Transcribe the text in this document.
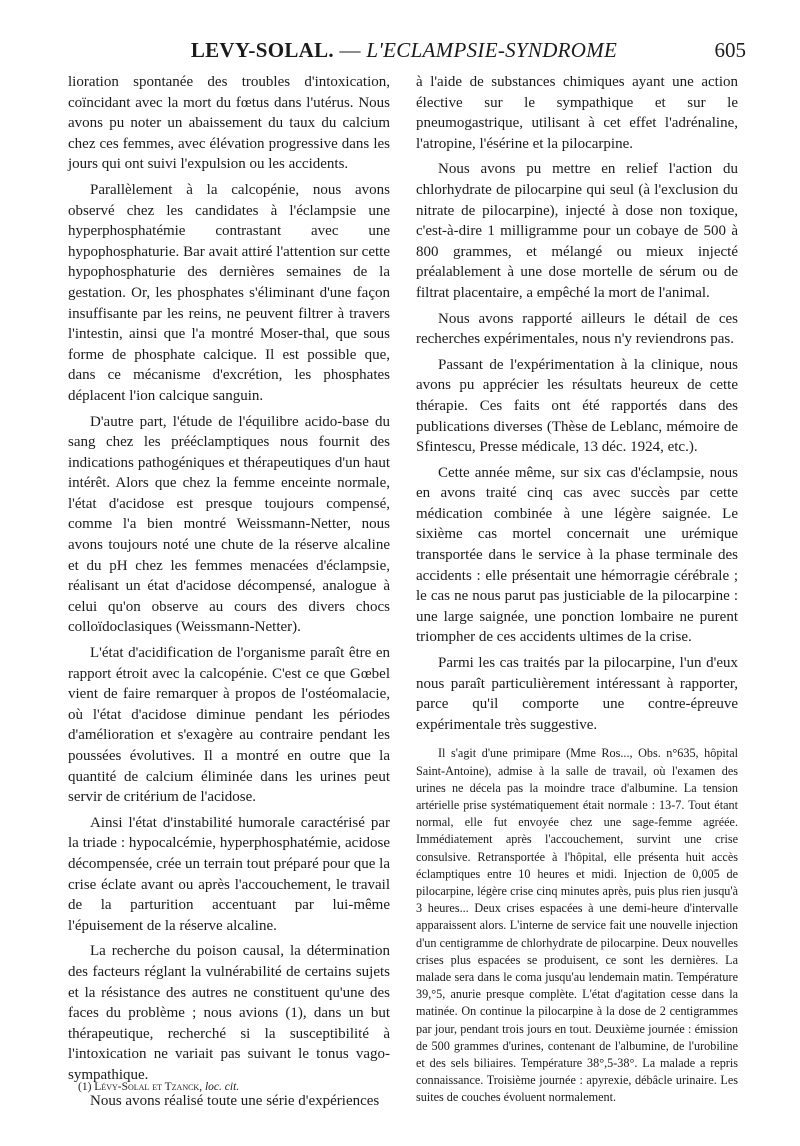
LEVY-SOLAL. — L'ECLAMPSIE-SYNDROME	605

lioration spontanée des troubles d'intoxication, coïncidant avec la mort du fœtus dans l'utérus. Nous avons pu noter un abaissement du taux du calcium chez ces femmes, avec élévation progressive dans les jours qui ont suivi l'expulsion ou les accidents.

Parallèlement à la calcopénie, nous avons observé chez les candidates à l'éclampsie une hyperphosphatémie contrastant avec une hypophosphaturie. Bar avait attiré l'attention sur cette hypophosphaturie des dernières semaines de la gestation. Or, les phosphates s'éliminant d'une façon insuffisante par les reins, ne peuvent filtrer à travers l'intestin, ainsi que l'a montré Moser-thal, que sous forme de phosphate calcique. Il est possible que, dans ce mécanisme d'excrétion, les phosphates déplacent l'ion calcique sanguin.

D'autre part, l'étude de l'équilibre acido-base du sang chez les prééclamptiques nous fournit des indications pathogéniques et thérapeutiques d'un haut intérêt. Alors que chez la femme enceinte normale, l'état d'acidose est presque toujours compensé, comme l'a bien montré Weissmann-Netter, nous avons toujours noté une chute de la réserve alcaline et du pH chez les femmes menacées d'éclampsie, réalisant un état d'acidose décompensé, analogue à celui qu'on observe au cours des divers chocs colloïdoclasiques (Weissmann-Netter).

L'état d'acidification de l'organisme paraît être en rapport étroit avec la calcopénie. C'est ce que Gœbel vient de faire remarquer à propos de l'ostéomalacie, où l'état d'acidose diminue pendant les périodes d'amélioration et s'exagère au contraire pendant les poussées évolutives. Il a montré en outre que la quantité de calcium éliminée dans les urines peut servir de critérium de l'acidose.

Ainsi l'état d'instabilité humorale caractérisé par la triade : hypocalcémie, hyperphosphatémie, acidose décompensée, crée un terrain tout préparé pour que la crise éclate avant ou après l'accouchement, le travail de la parturition accentuant par lui-même l'épuisement de la réserve alcaline.

La recherche du poison causal, la détermination des facteurs réglant la vulnérabilité de certains sujets et la résistance des autres ne constituent qu'une des faces du problème ; nous avions (1), dans un but thérapeutique, recherché si la susceptibilité à l'intoxication ne variait pas suivant le tonus vago-sympathique.

Nous avons réalisé toute une série d'expériences

(1) Lévy-Solal et Tzanck, loc. cit.

à l'aide de substances chimiques ayant une action élective sur le sympathique et sur le pneumogastrique, utilisant à cet effet l'adrénaline, l'atropine, l'ésérine et la pilocarpine.

Nous avons pu mettre en relief l'action du chlorhydrate de pilocarpine qui seul (à l'exclusion du nitrate de pilocarpine), injecté à dose non toxique, c'est-à-dire 1 milligramme pour un cobaye de 500 à 800 grammes, et mélangé ou mieux injecté préalablement à une dose mortelle de sérum ou de filtrat placentaire, a empêché la mort de l'animal.

Nous avons rapporté ailleurs le détail de ces recherches expérimentales, nous n'y reviendrons pas.

Passant de l'expérimentation à la clinique, nous avons pu apprécier les résultats heureux de cette thérapie. Ces faits ont été rapportés dans des publications diverses (Thèse de Leblanc, mémoire de Sfintescu, Presse médicale, 13 déc. 1924, etc.).

Cette année même, sur six cas d'éclampsie, nous en avons traité cinq cas avec succès par cette médication combinée à une légère saignée. Le sixième cas mortel concernait une urémique transportée dans le service à la phase terminale des accidents : elle présentait une hémorragie cérébrale ; le cas ne nous parut pas justiciable de la pilocarpine : une large saignée, une ponction lombaire ne purent triompher de ces accidents ultimes de la crise.

Parmi les cas traités par la pilocarpine, l'un d'eux nous paraît particulièrement intéressant à rapporter, parce qu'il comporte une contre-épreuve expérimentale très suggestive.

Il s'agit d'une primipare (Mme Ros..., Obs. n°635, hôpital Saint-Antoine), admise à la salle de travail, où l'examen des urines ne décela pas la moindre trace d'albumine. La tension artérielle prise systématiquement était normale : 13-7. Tout étant normal, elle fut envoyée chez une sage-femme agréée. Immédiatement après l'accouchement, survint une crise consulsive. Retransportée à l'hôpital, elle présenta huit accès éclamptiques entre 10 heures et midi. Injection de 0,005 de pilocarpine, légère crise cinq minutes après, puis plus rien jusqu'à 3 heures... Deux crises espacées à une demi-heure d'intervalle apparaissent alors. L'interne de service fait une nouvelle injection d'un centigramme de chlorhydrate de pilocarpine. Deux nouvelles crises plus espacées se produisent, ce sont les dernières. La malade sera dans le coma jusqu'au lendemain matin. Température 39,°5, anurie presque complète. L'état d'agitation cesse dans la matinée. On continue la pilocarpine à la dose de 2 centigrammes par jour, pendant trois jours en tout. Deuxième journée : émission de 500 grammes d'urines, contenant de l'albumine, de l'urobiline et des sels biliaires. Température 38°,5-38°. La malade a repris connaissance. Troisième journée : apyrexie, débâcle urinaire. Les suites de couches évoluent normalement.
